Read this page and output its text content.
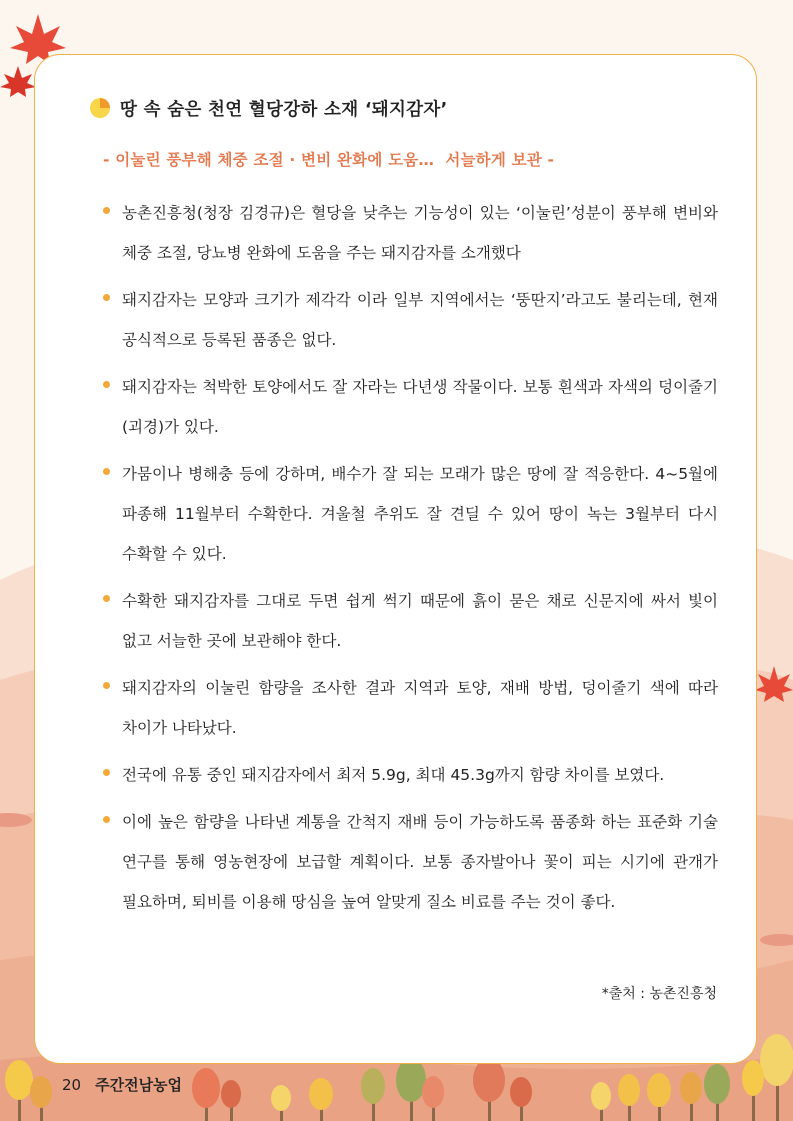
땅 속 숨은 천연 혈당강하 소재 ‘돼지감자’
- 이눌린 풍부해 체중 조절 · 변비 완화에 도움…  서늘하게 보관 -
농촌진흥청(청장 김경규)은 혈당을 낮추는 기능성이 있는 ‘이눌린’성분이 풍부해 변비와 체중 조절, 당뇨병 완화에 도움을 주는 돼지감자를 소개했다
돼지감자는 모양과 크기가 제각각 이라 일부 지역에서는 ‘뚱딴지’라고도 불리는데, 현재 공식적으로 등록된 품종은 없다.
돼지감자는 척박한 토양에서도 잘 자라는 다년생 작물이다. 보통 흰색과 자색의 덩이줄기(괴경)가 있다.
가뭄이나 병해충 등에 강하며, 배수가 잘 되는 모래가 많은 땅에 잘 적응한다. 4~5월에 파종해 11월부터 수확한다. 겨울철 추위도 잘 견딜 수 있어 땅이 녹는 3월부터 다시 수확할 수 있다.
수확한 돼지감자를 그대로 두면 쉽게 썩기 때문에 흙이 묻은 채로 신문지에 싸서 빛이 없고 서늘한 곳에 보관해야 한다.
돼지감자의 이눌린 함량을 조사한 결과 지역과 토양, 재배 방법, 덩이줄기 색에 따라 차이가 나타났다.
전국에 유통 중인 돼지감자에서 최저 5.9g, 최대 45.3g까지 함량 차이를 보였다.
이에 높은 함량을 나타낸 계통을 간척지 재배 등이 가능하도록 품종화 하는 표준화 기술 연구를 통해 영농현장에 보급할 계획이다. 보통 종자발아나 꽃이 피는 시기에 관개가 필요하며, 퇴비를 이용해 땅심을 높여 알맞게 질소 비료를 주는 것이 좋다.
*출처 : 농촌진흥청
20 주간전남농업
